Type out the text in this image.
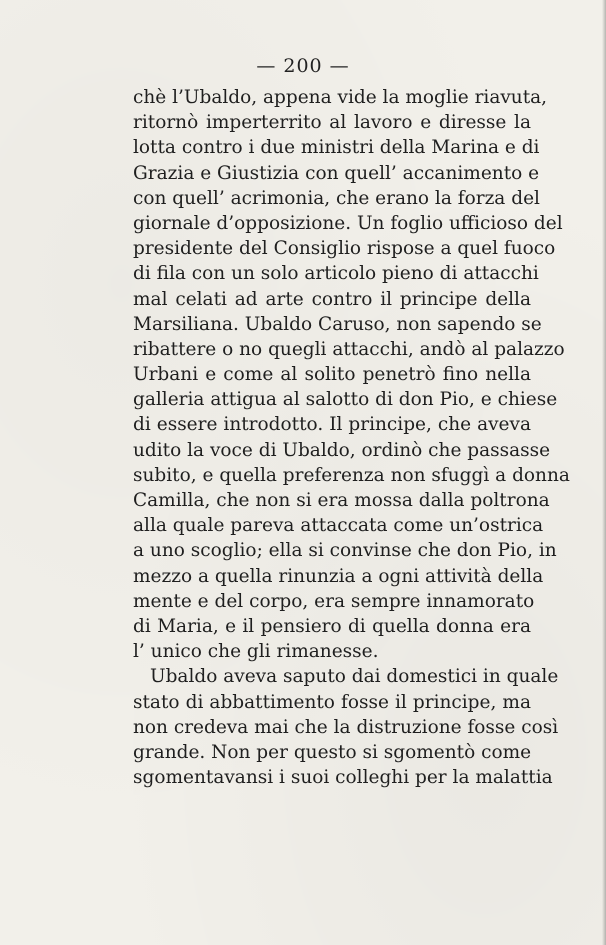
— 200 —
chè l’Ubaldo, appena vide la moglie riavuta,
ritornò imperterrito al lavoro e diresse la
lotta contro i due ministri della Marina e di
Grazia e Giustizia con quell’ accanimento e
con quell’ acrimonia, che erano la forza del
giornale d’opposizione. Un foglio ufficioso del
presidente del Consiglio rispose a quel fuoco
di fila con un solo articolo pieno di attacchi
mal celati ad arte contro il principe della
Marsiliana. Ubaldo Caruso, non sapendo se
ribattere o no quegli attacchi, andò al palazzo
Urbani e come al solito penetrò fino nella
galleria attigua al salotto di don Pio, e chiese
di essere introdotto. Il principe, che aveva
udito la voce di Ubaldo, ordinò che passasse
subito, e quella preferenza non sfuggì a donna
Camilla, che non si era mossa dalla poltrona
alla quale pareva attaccata come un’ostrica
a uno scoglio; ella si convinse che don Pio, in
mezzo a quella rinunzia a ogni attività della
mente e del corpo, era sempre innamorato
di Maria, e il pensiero di quella donna era
l’ unico che gli rimanesse.
Ubaldo aveva saputo dai domestici in quale
stato di abbattimento fosse il principe, ma
non credeva mai che la distruzione fosse così
grande. Non per questo si sgomentò come
sgomentavansi i suoi colleghi per la malattia
